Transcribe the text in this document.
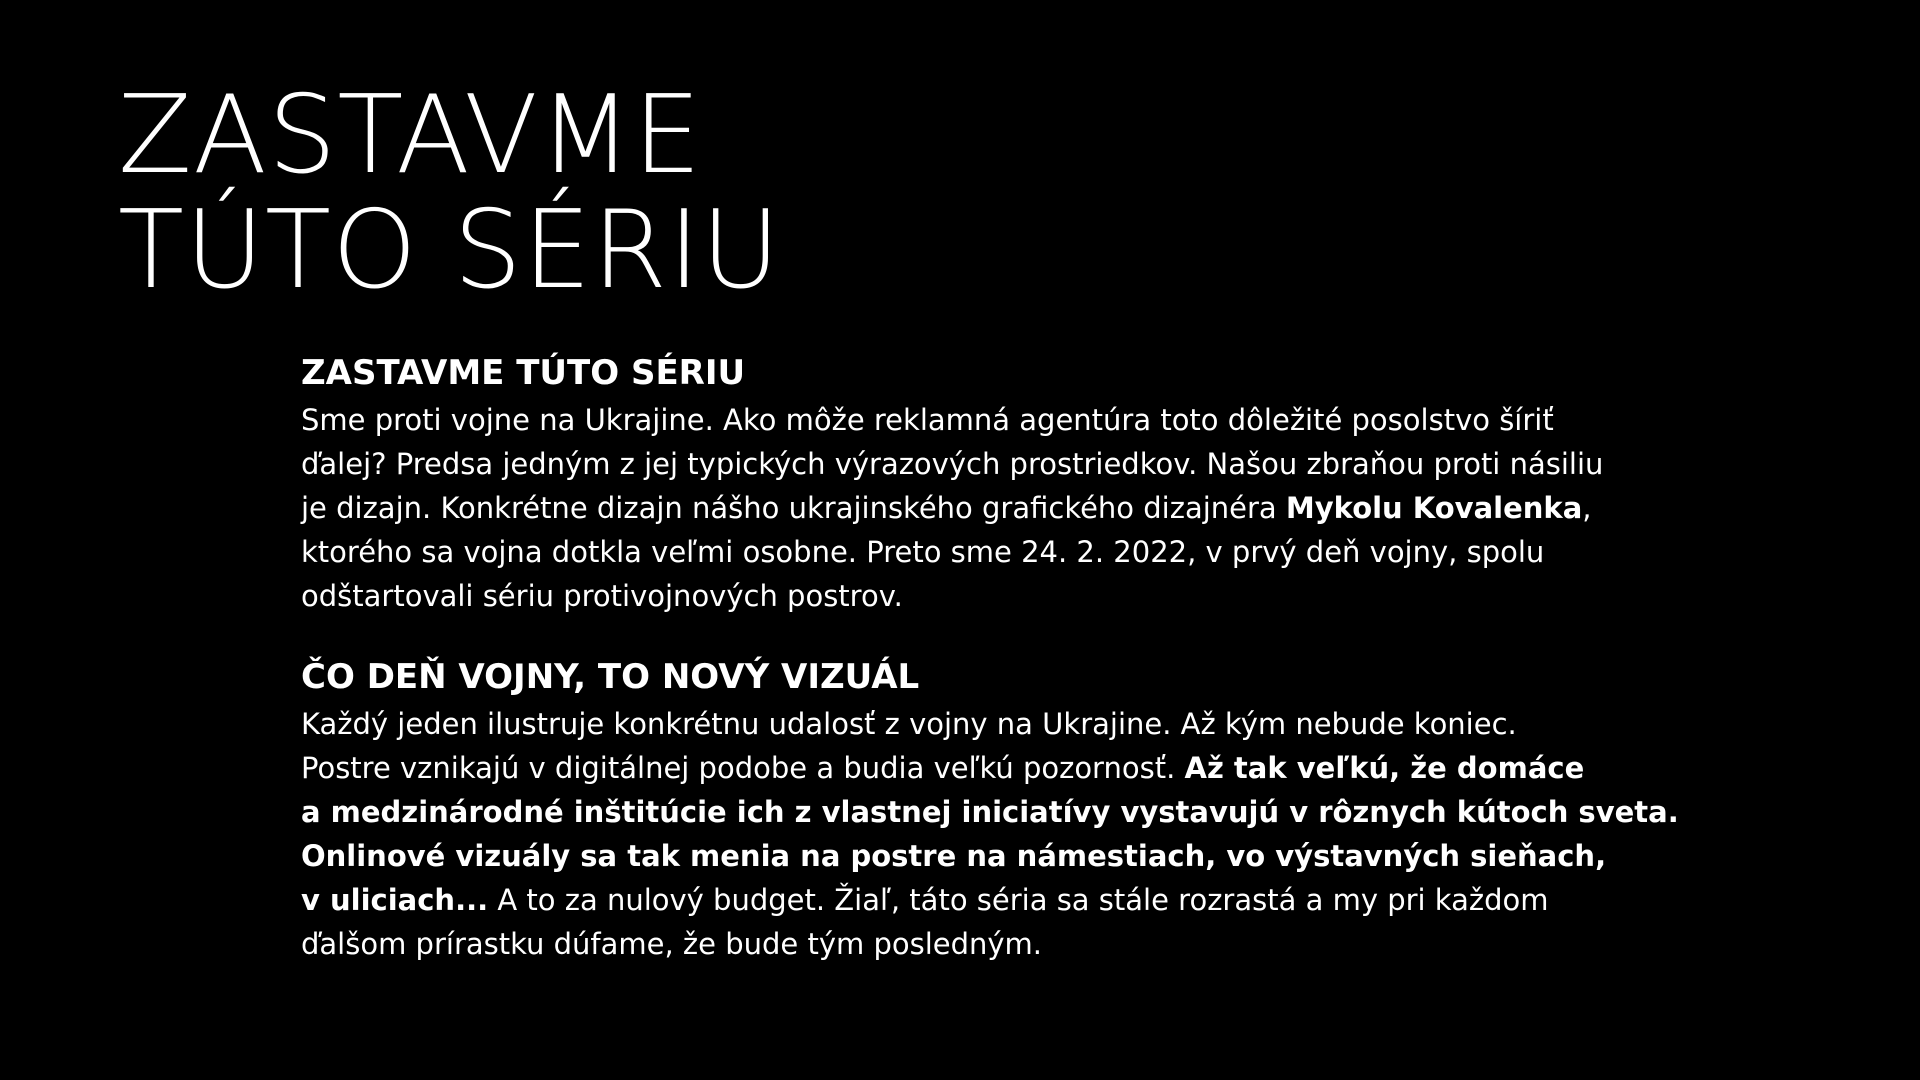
ZASTAVME
TÚTO SÉRIU
ZASTAVME TÚTO SÉRIU

Sme proti vojne na Ukrajine. Ako môže reklamná agentúra toto dôležité posolstvo šíriť
ďalej? Predsa jedným z jej typických výrazových prostriedkov. Našou zbraňou proti násiliu
je dizajn. Konkrétne dizajn nášho ukrajinského grafického dizajnéra Mykolu Kovalenka,
ktorého sa vojna dotkla veľmi osobne. Preto sme 24. 2. 2022, v prvý deň vojny, spolu
odštartovali sériu protivojnových postrov.

ČO DEŇ VOJNY, TO NOVÝ VIZUÁL

Každý jeden ilustruje konkrétnu udalosť z vojny na Ukrajine. Až kým nebude koniec.
Postre vznikajú v digitálnej podobe a budia veľkú pozornosť. Až tak veľkú, že domáce
a medzinárodné inštitúcie ich z vlastnej iniciatívy vystavujú v rôznych kútoch sveta.
Onlinové vizuály sa tak menia na postre na námestiach, vo výstavných sieňach,
v uliciach... A to za nulový budget. Žiaľ, táto séria sa stále rozrastá a my pri každom
ďalšom prírastku dúfame, že bude tým posledným.
